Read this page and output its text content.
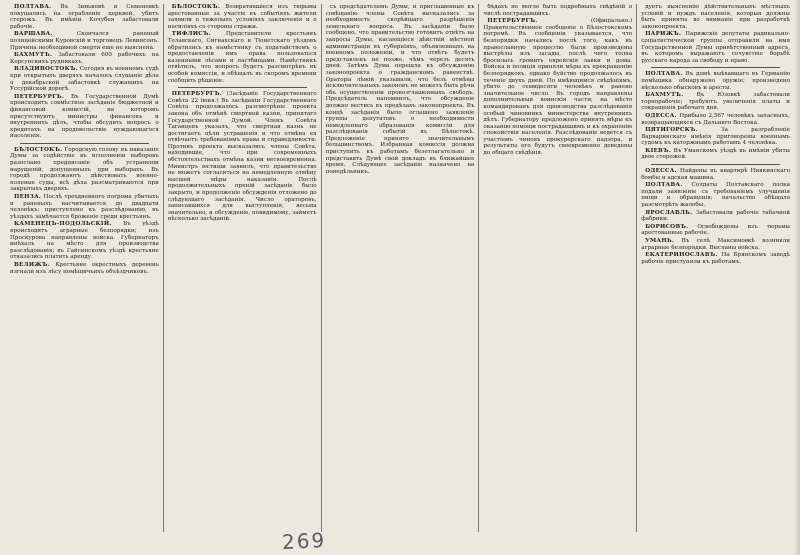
ПОЛТАВА. Въ Зиньковѣ и Семеновкѣ покушались на ограбленіе церквей, убитъ сторожъ. Въ имѣніи Кочубея забастовали рабочіе.

ВАРШАВА.	Скончался раненый полицейскими Куровскій и торговецъ Левинсонъ. Причина необходимой смерти еще не выяснена.

БАХМУТЪ. Забастовали 600 рабочихъ на Корсунскихъ рудникахъ.

ВЛАДИВОСТОКЪ. Сегодня въ военномъ судѣ при открытыхъ дверяхъ началось слушаніе дѣла о декабрьской забастовкѣ служащихъ на Уссурійской дорогѣ.

ПЕТЕРБУРГЪ. Въ Государственной Думѣ происходитъ совмѣстное засѣданіе бюджетной и финансовой комиссій, на которомъ присутствуютъ министры финансовъ и внутреннихъ дѣлъ, чтобы обсудить вопросъ о кредитахъ на продовольствіе нуждающагося населенія.

БѢЛОСТОКЪ. Городскую голову въ наказаніе Думы за содѣйствіе въ исполненіи выборовъ разослано предписаніе объ устраненіи нарушеній, допущенныхъ при выборахъ. Въ городѣ продолжаютъ дѣйствовать военно-полевые суды, всѣ дѣла разсматриваются при закрытыхъ дверяхъ.

ПЕНЗА. Послѣ трехдневного погрома убитыхъ и раненыхъ насчитывается до двадцати человѣкъ; приступлено къ разслѣдованію, въ уѣздахъ замѣчается броженіе среди крестьянъ.

КАМЕНЕЦЪ-ПОДОЛЬСКІЙ. Въ уѣздѣ происходятъ аграрные безпорядки; изъ Проскурова направлены войска. Губернаторъ выѣхалъ на мѣсто для производства разслѣдованія; въ Гайсинскомъ уѣздѣ крестьяне отказались платить аренду.

ВЕЛИЖЪ. Крестьяне окрестныхъ деревень изгнали изъ лѣсу помѣщичьихъ объѣздчиковъ.

БѢЛОСТОКЪ. Возвратившіеся изъ тюрьмы арестованные за участіе въ событіяхъ жители заявили о тяжелыхъ условіяхъ заключенія и о насиліяхъ со стороны стражи.

ТИФЛИСЪ.	Представители крестьянъ Телавскаго, Сигнахскаго и Тіонетскаго уѣздовъ обратились къ намѣстнику съ ходатайствомъ о предоставленіи имъ права пользоваться казенными лѣсами и пастбищами. Намѣстникъ отвѣтилъ, что вопросъ будетъ разсмотрѣнъ въ особой комиссіи, и обѣщалъ въ скоромъ времени сообщить рѣшеніе.

ПЕТЕРБУРГЪ. (Засѣданіе Государственнаго Совѣта 22 іюня.) Въ засѣданіи Государственнаго Совѣта продолжалось разсмотрѣніе проекта закона объ отмѣнѣ смертной казни, принятаго Государственной Думой. Членъ Совѣта Таганцевъ указалъ, что смертная казнь не достигаетъ цѣли устрашенія и что отмѣна ея отвѣчаетъ требованіямъ права и справедливости. Противъ проекта высказались члены Совѣта, находившіе, что при современныхъ обстоятельствахъ отмѣна казни несвоевременна. Министръ юстиціи заявилъ, что правительство не можетъ согласиться на немедленную отмѣну высшей мѣры наказанія. Послѣ продолжительныхъ преній засѣданіе было закрыто, и продолженіе обсужденія отложено до слѣдующаго засѣданія. Число ораторовъ, записавшихся для выступленія, весьма значительно, и обсужденіе, повидимому, займетъ нѣсколько засѣданій.

съ предсѣдателемъ Думы, и приглашенные къ совѣщанію члены Совѣта высказались за необходимость скорѣйшаго разрѣшенія земельнаго вопроса. Въ засѣданіи было сообщено, что правительство готовитъ отвѣтъ на запросы Думы, касающіеся дѣйствій мѣстной администраціи въ губерніяхъ, объявленныхъ на военномъ положеніи, и что отвѣтъ будетъ представленъ не позже, чѣмъ черезъ десять дней. Затѣмъ Дума перешла къ обсужденію законопроекта о гражданскомъ равенствѣ. Ораторы лѣвой указывали, что безъ отмѣны исключительныхъ законовъ не можетъ быть рѣчи объ осуществленіи провозглашенныхъ свободъ. Предсѣдатель напомнилъ, что обсужденіе должно вестись въ предѣлахъ законопроекта. Въ концѣ засѣданія было оглашено заявленіе группы депутатовъ о необходимости немедленнаго образованія комиссіи для разслѣдованія событій въ Бѣлостокѣ. Предложеніе принято значительнымъ большинствомъ. Избранная комиссія должна приступить къ работамъ безотлагательно и представить Думѣ свой докладъ въ ближайшее время. Слѣдующее засѣданіе назначено на понедѣльникъ.

бѣдахъ не могло быть подробныхъ свѣдѣній о числѣ пострадавшихъ.

ПЕТЕРБУРГЪ.	(Офиціально.) Правительственное сообщеніе о Бѣлостокскомъ погромѣ. Въ сообщеніи указывается, что безпорядки начались послѣ того, какъ въ православную процессію были произведены выстрѣлы изъ засады, послѣ чего толпа бросилась громить еврейскія лавки и дома. Войска и полиція приняли мѣры къ прекращенію безпорядковъ, однако буйство продолжалось въ теченіе двухъ дней. По имѣющимся свѣдѣніямъ, убито до семидесяти человѣкъ и ранено значительное число. Въ городъ направлены дополнительныя воинскія части; на мѣсто командированъ для производства разслѣдованія особый чиновникъ министерства внутреннихъ дѣлъ. Губернатору предложено принять мѣры къ оказанію помощи пострадавшимъ и къ охраненію спокойствія населенія. Разслѣдованіе ведется съ участіемъ чиновъ прокурорскаго надзора, и результаты его будутъ своевременно доведены до общаго свѣдѣнія.

дуетъ выясненію дѣйствительныхъ мѣстныхъ условій и нуждъ населенія, которыя должны быть приняты во вниманіе при разработкѣ законопроекта.

ПАРИЖЪ. Парижскіе депутаты радикально-соціалистической группы отправили на имя Государственной Думы привѣтственный адресъ, въ которомъ выражаютъ сочувствіе борьбѣ русскаго народа за свободу и право.

ПОЛТАВА. Въ домѣ выѣхавшаго въ Германію помѣщика обнаружено оружіе; произведено нѣсколько обысковъ и аресты.

БАХМУТЪ. Въ Юзовкѣ забастовали горнорабочіе; требуютъ увеличенія платы и сокращенія рабочаго дня.

ОДЕССА. Прибыло 2,567 человѣкъ запасныхъ, возвращающихся съ Дальняго Востока.

ПЯТИГОРСКЪ.	За разграбленіе Варваринскаго имѣнія приговорены военнымъ судомъ къ каторжнымъ работамъ 4 человѣка.

КІЕВЪ. Въ Уманскомъ уѣздѣ въ имѣніи убиты двое сторожей.

ОДЕССА. Найдены въ квартирѣ Ниякинскаго бомбы и адская машина.

ПОЛТАВА. Солдаты Полтавскаго полка подали заявленіе съ требованіемъ улучшенія пищи и обращенія; начальство обѣщало разсмотрѣть жалобы.

ЯРОСЛАВЛЬ. Забастовали рабочіе табачной фабрики.

БОРИСОВЪ. Освобождены изъ тюрьмы арестованные рабочіе.

УМАНЬ. Въ селѣ Максимовкѣ возникли аграрные безпорядки. Высланы войска.

ЕКАТЕРИНОСЛАВЪ. На Брянскомъ заводѣ рабочіе приступили къ работамъ.

269
